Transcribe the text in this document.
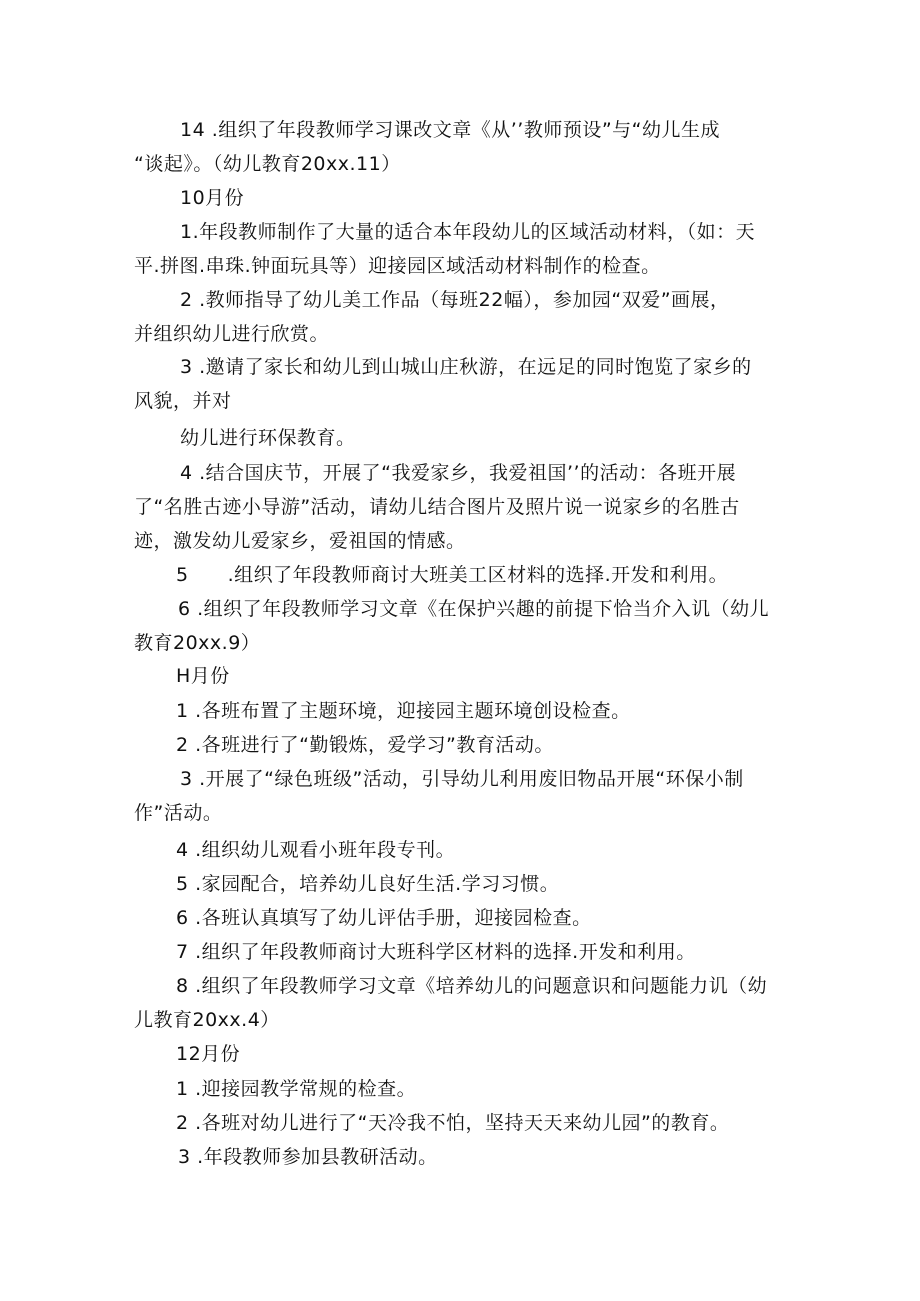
14 .组织了年段教师学习课改文章《从’’教师预设”与“幼儿生成
“谈起》。（幼儿教育20xx.11）
10月份
1.年段教师制作了大量的适合本年段幼儿的区域活动材料，（如：天
平.拼图.串珠.钟面玩具等）迎接园区域活动材料制作的检查。
2 .教师指导了幼儿美工作品（每班22幅），参加园“双爱”画展，
并组织幼儿进行欣赏。
3 .邀请了家长和幼儿到山城山庄秋游，在远足的同时饱览了家乡的
风貌，并对
幼儿进行环保教育。
4 .结合国庆节，开展了“我爱家乡，我爱祖国’’的活动：各班开展
了“名胜古迹小导游”活动，请幼儿结合图片及照片说一说家乡的名胜古
迹，激发幼儿爱家乡，爱祖国的情感。
5　　.组织了年段教师商讨大班美工区材料的选择.开发和利用。
6 .组织了年段教师学习文章《在保护兴趣的前提下恰当介入讥（幼儿
教育20xx.9）
H月份
1 .各班布置了主题环境，迎接园主题环境创设检查。
2 .各班进行了“勤锻炼，爱学习”教育活动。
3 .开展了“绿色班级”活动，引导幼儿利用废旧物品开展“环保小制
作”活动。
4 .组织幼儿观看小班年段专刊。
5 .家园配合，培养幼儿良好生活.学习习惯。
6 .各班认真填写了幼儿评估手册，迎接园检查。
7 .组织了年段教师商讨大班科学区材料的选择.开发和利用。
8 .组织了年段教师学习文章《培养幼儿的问题意识和问题能力讥（幼
儿教育20xx.4）
12月份
1 .迎接园教学常规的检查。
2 .各班对幼儿进行了“天冷我不怕，坚持天天来幼儿园”的教育。
3 .年段教师参加县教研活动。
